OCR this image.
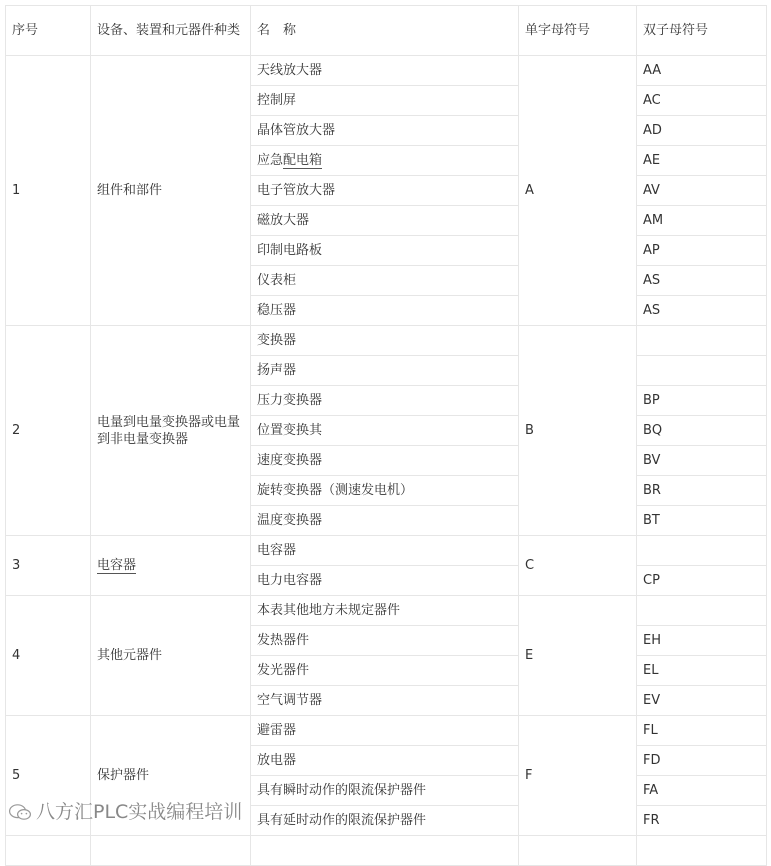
序号	设备、装置和元器件种类	名　称	单字母符号	双子母符号
1	组件和部件	天线放大器	A	AA
		控制屏		AC
		晶体管放大器		AD
		应急配电箱		AE
		电子管放大器		AV
		磁放大器		AM
		印制电路板		AP
		仪表柜		AS
		稳压器		AS
2	电量到电量变换器或电量到非电量变换器	变换器	B	
		扬声器		
		压力变换器		BP
		位置变换其		BQ
		速度变换器		BV
		旋转变换器（测速发电机）		BR
		温度变换器		BT
3	电容器	电容器	C	
		电力电容器		CP
4	其他元器件	本表其他地方未规定器件	E	
		发热器件		EH
		发光器件		EL
		空气调节器		EV
5	保护器件	避雷器	F	FL
		放电器		FD
		具有瞬时动作的限流保护器件		FA
		具有延时动作的限流保护器件		FR

八方汇PLC实战编程培训
